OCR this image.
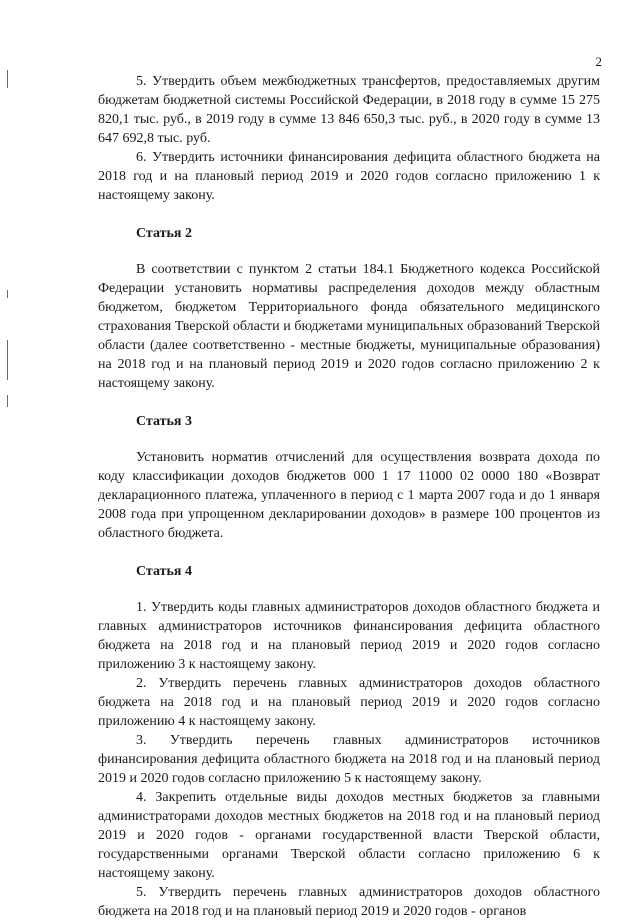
2

5. Утвердить объем межбюджетных трансфертов, предоставляемых другим бюджетам бюджетной системы Российской Федерации, в 2018 году в сумме 15 275 820,1 тыс. руб., в 2019 году в сумме 13 846 650,3 тыс. руб., в 2020 году в сумме 13 647 692,8 тыс. руб.

6. Утвердить источники финансирования дефицита областного бюджета на 2018 год и на плановый период 2019 и 2020 годов согласно приложению 1 к настоящему закону.

Статья 2

В соответствии с пунктом 2 статьи 184.1 Бюджетного кодекса Российской Федерации установить нормативы распределения доходов между областным бюджетом, бюджетом Территориального фонда обязательного медицинского страхования Тверской области и бюджетами муниципальных образований Тверской области (далее соответственно - местные бюджеты, муниципальные образования) на 2018 год и на плановый период 2019 и 2020 годов согласно приложению 2 к настоящему закону.

Статья 3

Установить норматив отчислений для осуществления возврата дохода по коду классификации доходов бюджетов 000 1 17 11000 02 0000 180 «Возврат декларационного платежа, уплаченного в период с 1 марта 2007 года и до 1 января 2008 года при упрощенном декларировании доходов» в размере 100 процентов из областного бюджета.

Статья 4

1. Утвердить коды главных администраторов доходов областного бюджета и главных администраторов источников финансирования дефицита областного бюджета на 2018 год и на плановый период 2019 и 2020 годов согласно приложению 3 к настоящему закону.

2. Утвердить перечень главных администраторов доходов областного бюджета на 2018 год и на плановый период 2019 и 2020 годов согласно приложению 4 к настоящему закону.

3. Утвердить перечень главных администраторов источников финансирования дефицита областного бюджета на 2018 год и на плановый период 2019 и 2020 годов согласно приложению 5 к настоящему закону.

4. Закрепить отдельные виды доходов местных бюджетов за главными администраторами доходов местных бюджетов на 2018 год и на плановый период 2019 и 2020 годов - органами государственной власти Тверской области, государственными органами Тверской области согласно приложению 6 к настоящему закону.

5. Утвердить перечень главных администраторов доходов областного бюджета на 2018 год и на плановый период 2019 и 2020 годов - органов
